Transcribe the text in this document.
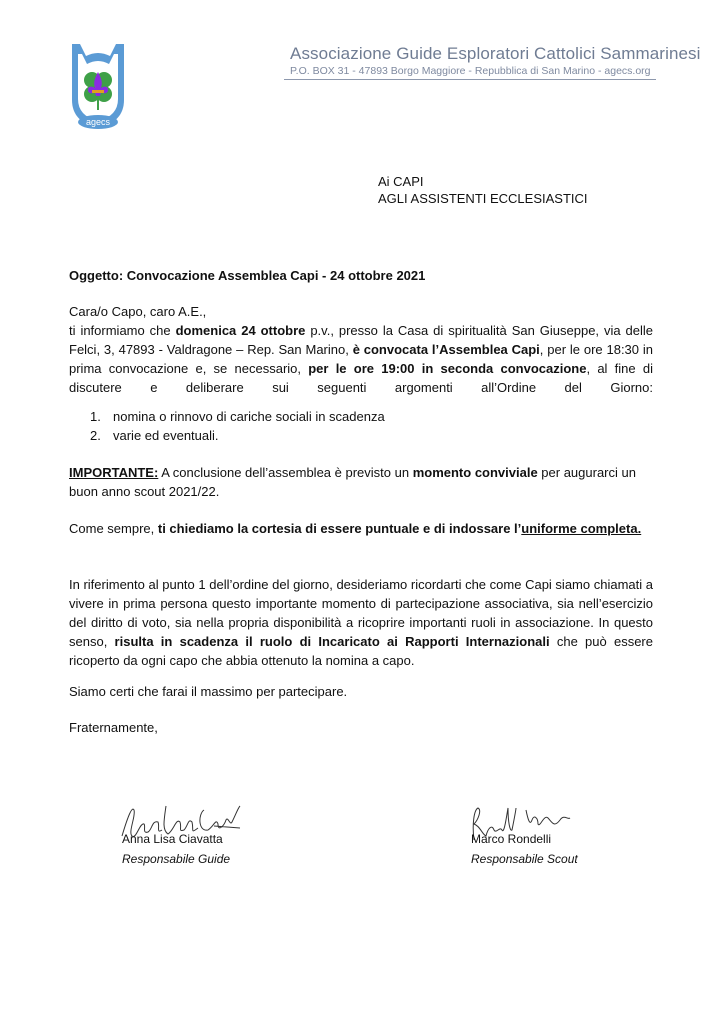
agecs
Associazione Guide Esploratori Cattolici Sammarinesi
P.O. BOX 31 - 47893 Borgo Maggiore - Repubblica di San Marino - agecs.org
Ai CAPI
AGLI ASSISTENTI ECCLESIASTICI
Oggetto: Convocazione Assemblea Capi - 24 ottobre 2021
Cara/o Capo, caro A.E.,
ti informiamo che domenica 24 ottobre p.v., presso la Casa di spiritualità San Giuseppe, via delle Felci, 3, 47893 - Valdragone – Rep. San Marino, è convocata l’Assemblea Capi, per le ore 18:30 in prima convocazione e, se necessario, per le ore 19:00 in seconda convocazione, al fine di discutere e deliberare sui seguenti argomenti all’Ordine del Giorno:
1. nomina o rinnovo di cariche sociali in scadenza
2. varie ed eventuali.
IMPORTANTE: A conclusione dell’assemblea è previsto un momento conviviale per augurarci un buon anno scout 2021/22.
Come sempre, ti chiediamo la cortesia di essere puntuale e di indossare l’uniforme completa.
In riferimento al punto 1 dell’ordine del giorno, desideriamo ricordarti che come Capi siamo chiamati a vivere in prima persona questo importante momento di partecipazione associativa, sia nell’esercizio del diritto di voto, sia nella propria disponibilità a ricoprire importanti ruoli in associazione. In questo senso, risulta in scadenza il ruolo di Incaricato ai Rapporti Internazionali che può essere ricoperto da ogni capo che abbia ottenuto la nomina a capo.
Siamo certi che farai il massimo per partecipare.
Fraternamente,
Anna Lisa Ciavatta	Marco Rondelli
Responsabile Guide	Responsabile Scout
